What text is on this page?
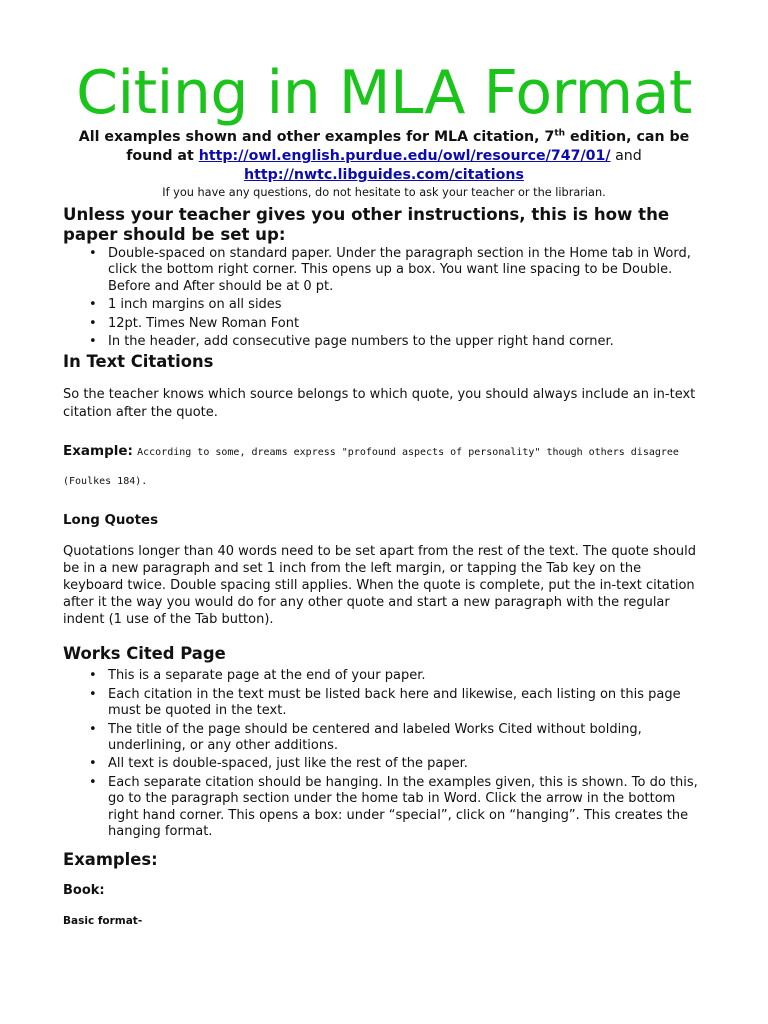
Citing in MLA Format
All examples shown and other examples for MLA citation, 7th edition, can be found at http://owl.english.purdue.edu/owl/resource/747/01/ and
http://nwtc.libguides.com/citations
If you have any questions, do not hesitate to ask your teacher or the librarian.
Unless your teacher gives you other instructions, this is how the paper should be set up:
• Double-spaced on standard paper. Under the paragraph section in the Home tab in Word, click the bottom right corner. This opens up a box. You want line spacing to be Double. Before and After should be at 0 pt.
• 1 inch margins on all sides
• 12pt. Times New Roman Font
• In the header, add consecutive page numbers to the upper right hand corner.
In Text Citations
So the teacher knows which source belongs to which quote, you should always include an in-text citation after the quote.
Example: According to some, dreams express "profound aspects of personality" though others disagree (Foulkes 184).
Long Quotes
Quotations longer than 40 words need to be set apart from the rest of the text. The quote should be in a new paragraph and set 1 inch from the left margin, or tapping the Tab key on the keyboard twice. Double spacing still applies. When the quote is complete, put the in-text citation after it the way you would do for any other quote and start a new paragraph with the regular indent (1 use of the Tab button).
Works Cited Page
• This is a separate page at the end of your paper.
• Each citation in the text must be listed back here and likewise, each listing on this page must be quoted in the text.
• The title of the page should be centered and labeled Works Cited without bolding, underlining, or any other additions.
• All text is double-spaced, just like the rest of the paper.
• Each separate citation should be hanging. In the examples given, this is shown. To do this, go to the paragraph section under the home tab in Word. Click the arrow in the bottom right hand corner. This opens a box: under “special”, click on “hanging”. This creates the hanging format.
Examples:
Book:
Basic format-
